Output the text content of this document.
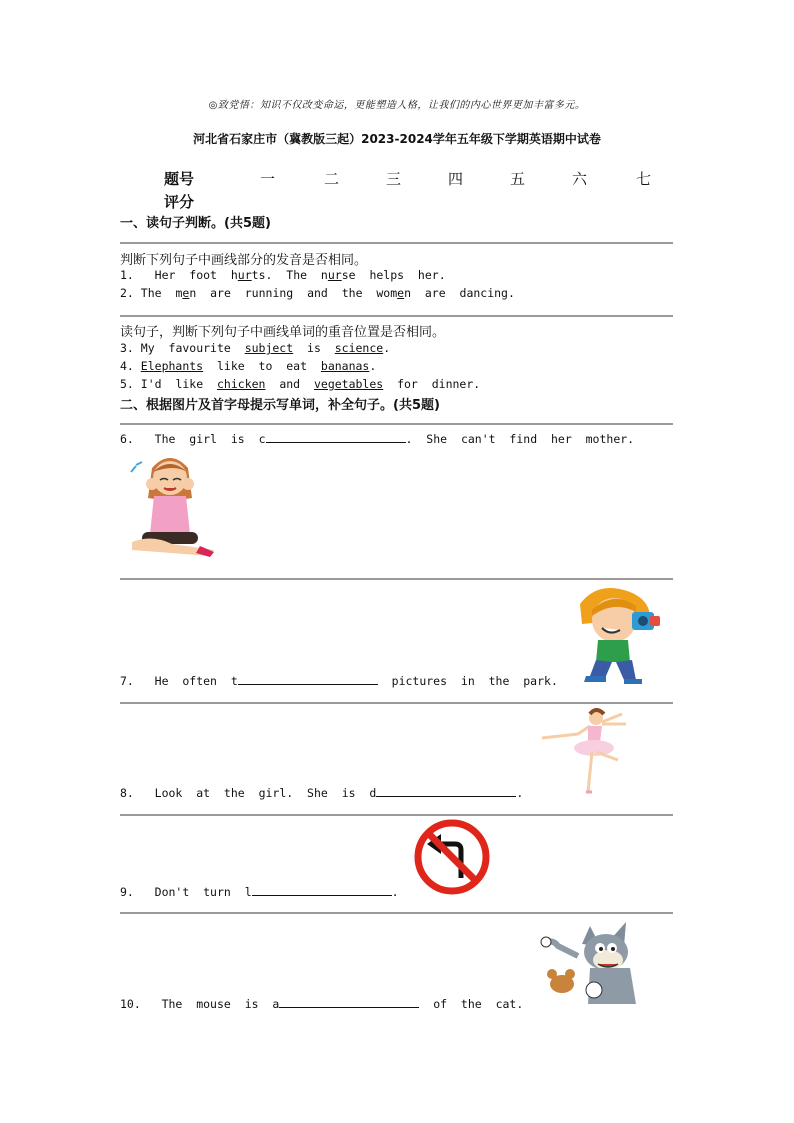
◎致党悟：知识不仅改变命运，更能塑造人格，让我们的内心世界更加丰富多元。
河北省石家庄市（冀教版三起）2023-2024学年五年级下学期英语期中试卷
题号	一	二	三	四	五	六	七
评分
一、读句子判断。(共5题)
判断下列句子中画线部分的发音是否相同。
1. Her foot hurts. The nurse helps her.
2. The men are running and the women are dancing.
读句子，判断下列句子中画线单词的重音位置是否相同。
3. My favourite subject is science.
4. Elephants like to eat bananas.
5. I'd like chicken and vegetables for dinner.
二、根据图片及首字母提示写单词，补全句子。(共5题)
6. The girl is c	. She can't find her mother.
7. He often t	pictures in the park.
8. Look at the girl. She is d	.
9. Don't turn l	.
10. The mouse is a	of the cat.
